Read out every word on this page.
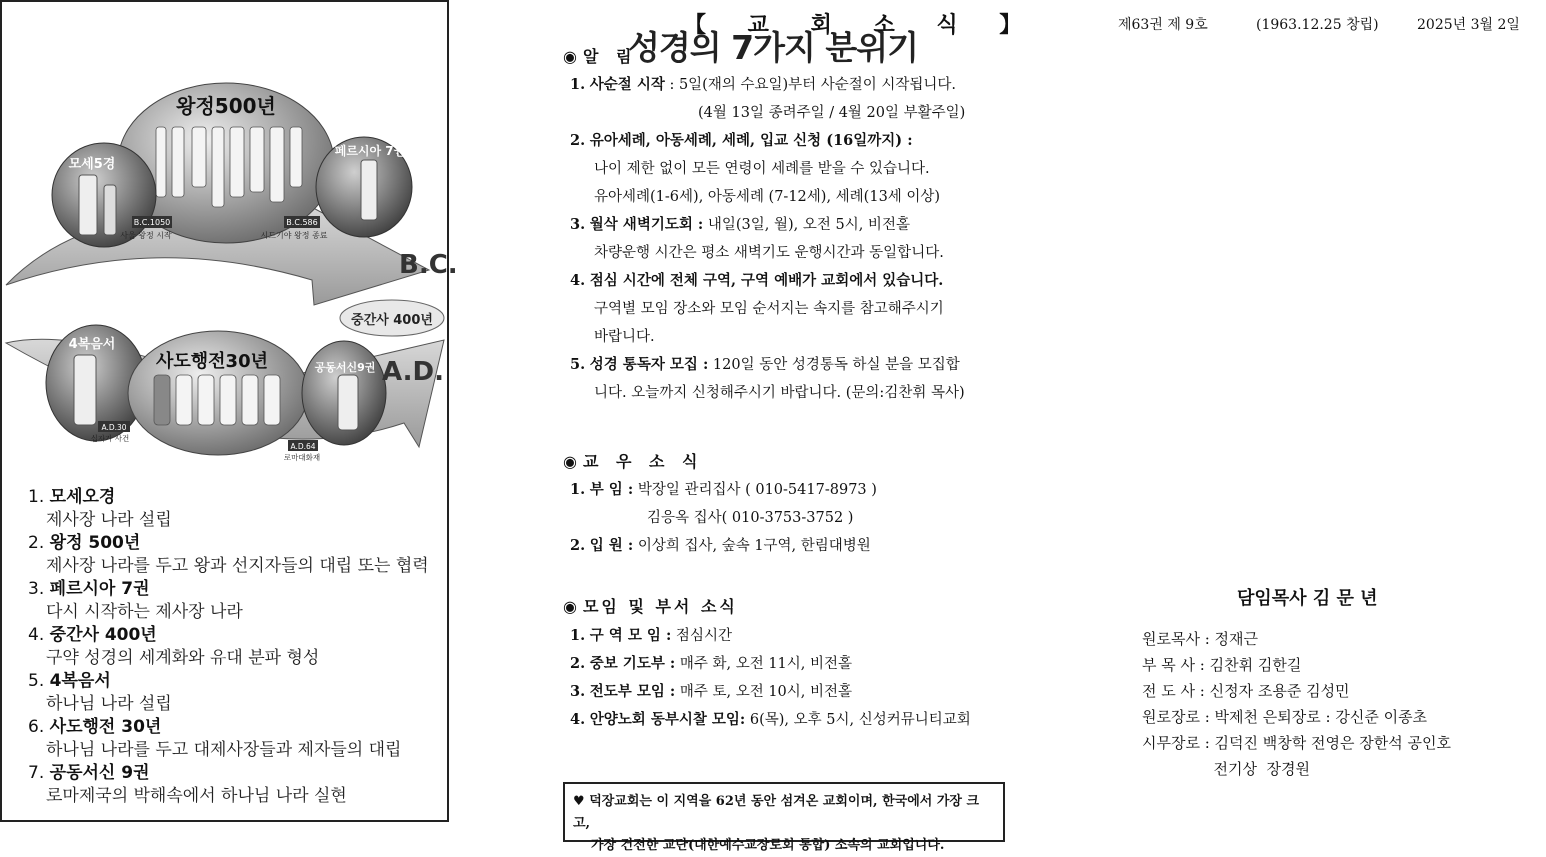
성경의 7가지 분위기
왕정500년
모세5경
페르시아 7권
B.C.1050
사울 왕정 시작
B.C.586
시드기야 왕정 종료
B.C.
중간사 400년
4복음서
A.D.30
십자가 사건
사도행전30년	공동서신9권
A.D.64
로마대화재
A.D.
1. 모세오경
제사장 나라 설립
2. 왕정 500년
제사장 나라를 두고 왕과 선지자들의 대립 또는 협력
3. 페르시아 7권
다시 시작하는 제사장 나라
4. 중간사 400년
구약 성경의 세계화와 유대 분파 형성
5. 4복음서
하나님 나라 설립
6. 사도행전 30년
하나님 나라를 두고 대제사장들과 제자들의 대립
7. 공동서신 9권
로마제국의 박해속에서 하나님 나라 실현
【 교 회 소 식 】	제63권 제 9호	(1963.12.25 창립)	2025년 3월 2일
◉ 알 림
1. 사순절 시작 : 5일(재의 수요일)부터 사순절이 시작됩니다.
(4월 13일 종려주일 / 4월 20일 부활주일)
2. 유아세례, 아동세례, 세례, 입교 신청 (16일까지) :
나이 제한 없이 모든 연령이 세례를 받을 수 있습니다.
유아세례(1-6세), 아동세례 (7-12세), 세례(13세 이상)
3. 월삭 새벽기도회 : 내일(3일, 월), 오전 5시, 비전홀
차량운행 시간은 평소 새벽기도 운행시간과 동일합니다.
4. 점심 시간에 전체 구역, 구역 예배가 교회에서 있습니다.
구역별 모임 장소와 모임 순서지는 속지를 참고해주시기
바랍니다.
5. 성경 통독자 모집 : 120일 동안 성경통독 하실 분을 모집합
니다. 오늘까지 신청해주시기 바랍니다. (문의:김찬휘 목사)
◉ 교 우 소 식
1. 부 임 : 박장일 관리집사 ( 010-5417-8973 )
김응옥 집사( 010-3753-3752 )
2. 입 원 : 이상희 집사, 숲속 1구역, 한림대병원
◉ 모임 및 부서 소식
1. 구 역 모 임 : 점심시간
2. 중보 기도부 : 매주 화, 오전 11시, 비전홀
3. 전도부 모임 : 매주 토, 오전 10시, 비전홀
4. 안양노회 동부시찰 모임: 6(목), 오후 5시, 신성커뮤니티교회
♥ 덕장교회는 이 지역을 62년 동안 섬겨온 교회이며, 한국에서 가장 크고,
가장 건전한 교단(대한예수교장로회 통합) 소속의 교회입니다.
담임목사 김 문 년
원로목사 : 정재근
부 목 사 : 김찬휘 김한길
전 도 사 : 신정자 조용준 김성민
원로장로 : 박제천 은퇴장로 : 강신준 이종초
시무장로 : 김덕진 백창학 전영은 장한석 공인호
전기상  장경원
